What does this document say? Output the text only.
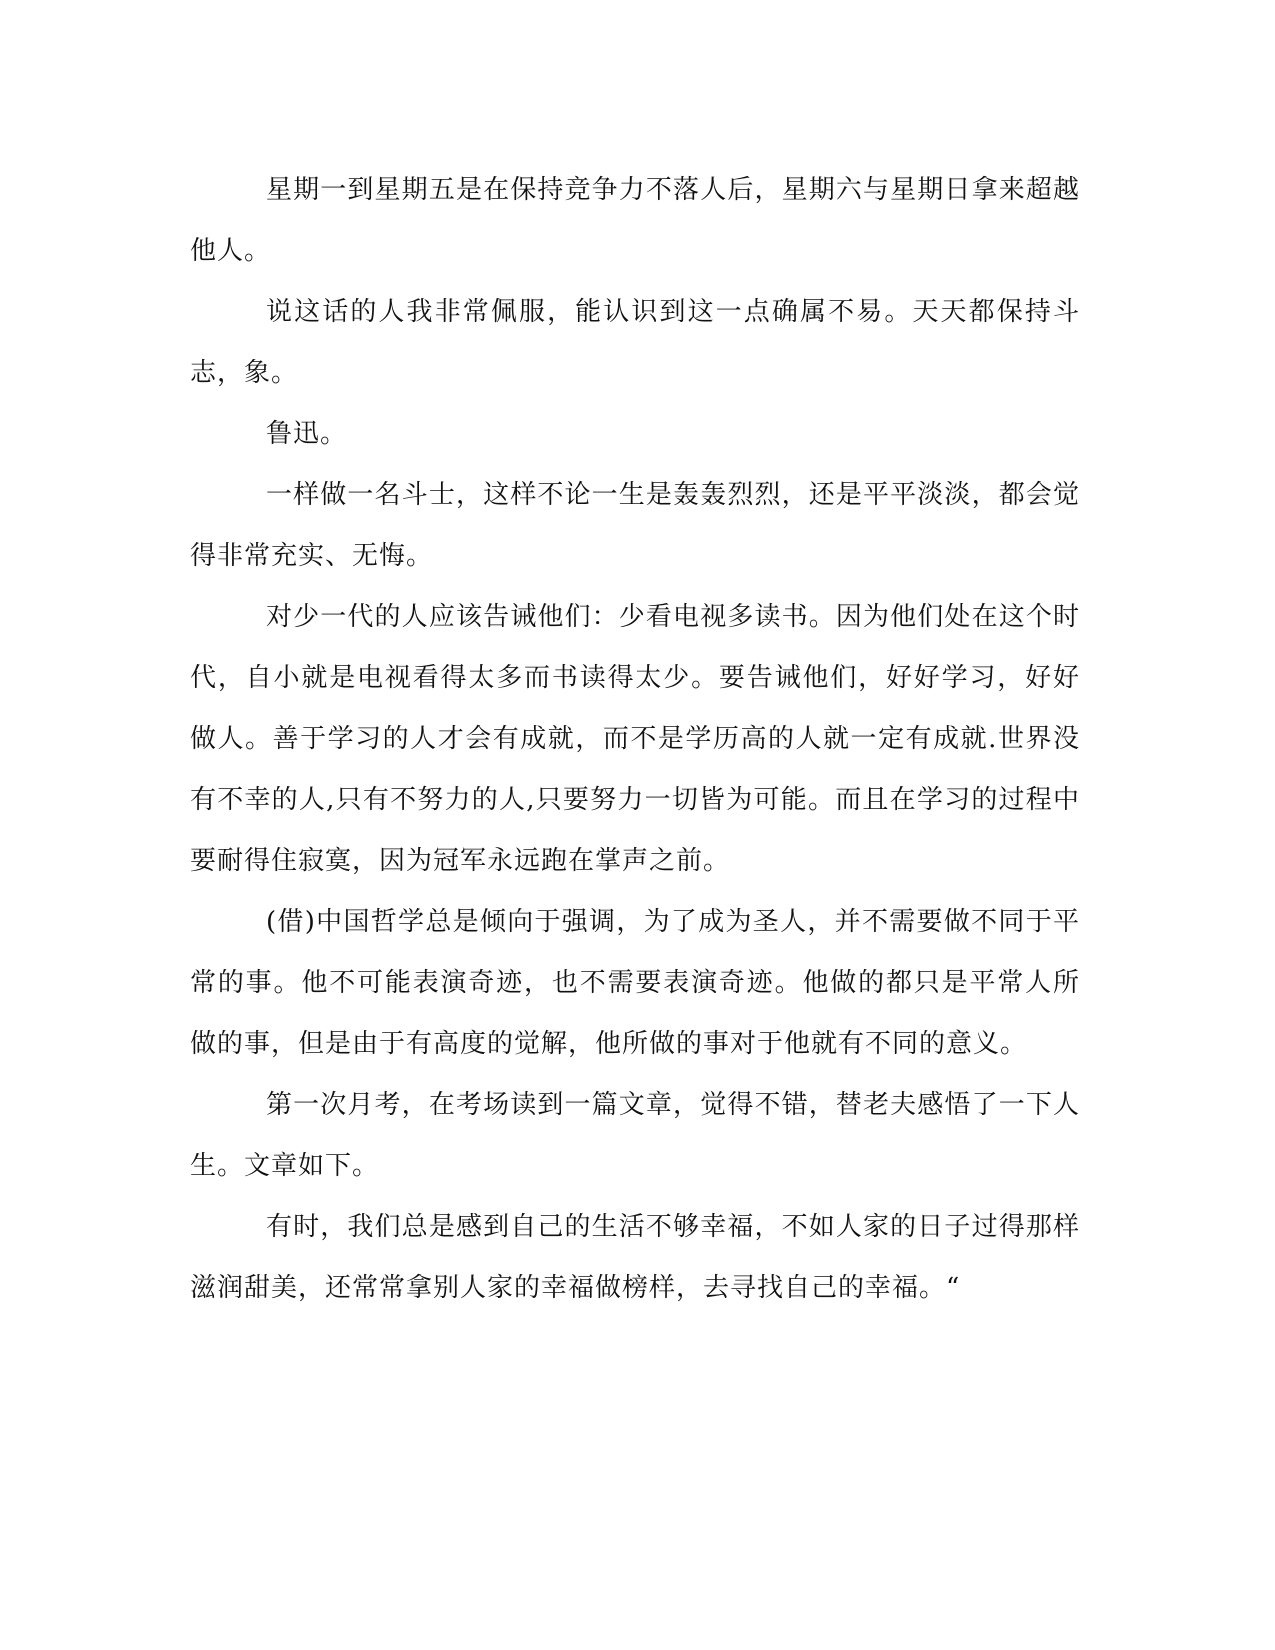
星期一到星期五是在保持竞争力不落人后，星期六与星期日拿来超越他人。

说这话的人我非常佩服，能认识到这一点确属不易。天天都保持斗志，象。

鲁迅。

一样做一名斗士，这样不论一生是轰轰烈烈，还是平平淡淡，都会觉得非常充实、无悔。

对少一代的人应该告诫他们：少看电视多读书。因为他们处在这个时代，自小就是电视看得太多而书读得太少。要告诫他们，好好学习，好好做人。善于学习的人才会有成就，而不是学历高的人就一定有成就.世界没有不幸的人,只有不努力的人,只要努力一切皆为可能。而且在学习的过程中要耐得住寂寞，因为冠军永远跑在掌声之前。

(借)中国哲学总是倾向于强调，为了成为圣人，并不需要做不同于平常的事。他不可能表演奇迹，也不需要表演奇迹。他做的都只是平常人所做的事，但是由于有高度的觉解，他所做的事对于他就有不同的意义。

第一次月考，在考场读到一篇文章，觉得不错，替老夫感悟了一下人生。文章如下。

有时，我们总是感到自己的生活不够幸福，不如人家的日子过得那样滋润甜美，还常常拿别人家的幸福做榜样，去寻找自己的幸福。“
